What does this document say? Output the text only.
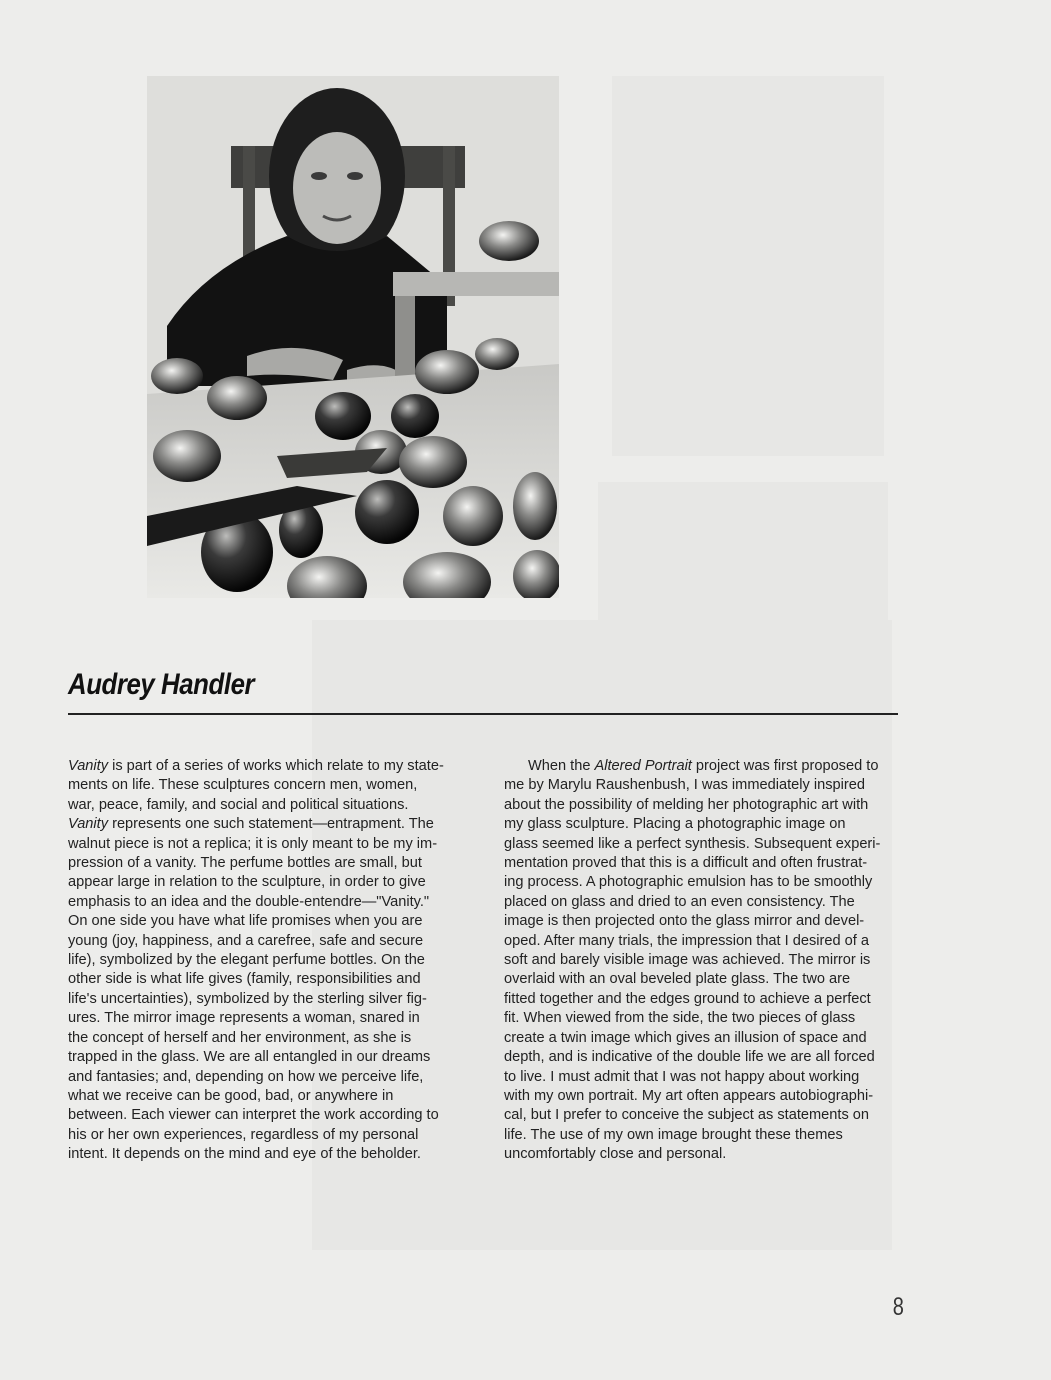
Audrey Handler

Vanity is part of a series of works which relate to my state-
ments on life. These sculptures concern men, women,
war, peace, family, and social and political situations.
Vanity represents one such statement—entrapment. The
walnut piece is not a replica; it is only meant to be my im-
pression of a vanity. The perfume bottles are small, but
appear large in relation to the sculpture, in order to give
emphasis to an idea and the double-entendre—"Vanity."
On one side you have what life promises when you are
young (joy, happiness, and a carefree, safe and secure
life), symbolized by the elegant perfume bottles. On the
other side is what life gives (family, responsibilities and
life's uncertainties), symbolized by the sterling silver fig-
ures. The mirror image represents a woman, snared in
the concept of herself and her environment, as she is
trapped in the glass. We are all entangled in our dreams
and fantasies; and, depending on how we perceive life,
what we receive can be good, bad, or anywhere in
between. Each viewer can interpret the work according to
his or her own experiences, regardless of my personal
intent. It depends on the mind and eye of the beholder.

When the Altered Portrait project was first proposed to
me by Marylu Raushenbush, I was immediately inspired
about the possibility of melding her photographic art with
my glass sculpture. Placing a photographic image on
glass seemed like a perfect synthesis. Subsequent experi-
mentation proved that this is a difficult and often frustrat-
ing process. A photographic emulsion has to be smoothly
placed on glass and dried to an even consistency. The
image is then projected onto the glass mirror and devel-
oped. After many trials, the impression that I desired of a
soft and barely visible image was achieved. The mirror is
overlaid with an oval beveled plate glass. The two are
fitted together and the edges ground to achieve a perfect
fit. When viewed from the side, the two pieces of glass
create a twin image which gives an illusion of space and
depth, and is indicative of the double life we are all forced
to live. I must admit that I was not happy about working
with my own portrait. My art often appears autobiographi-
cal, but I prefer to conceive the subject as statements on
life. The use of my own image brought these themes
uncomfortably close and personal.

8
